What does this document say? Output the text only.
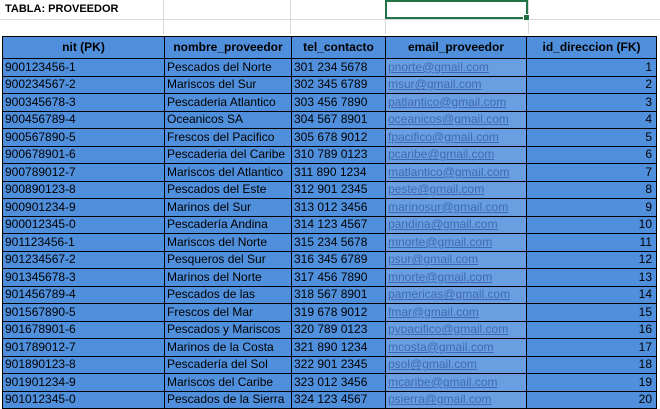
TABLA: PROVEEDOR
nit (PK)	nombre_proveedor	tel_contacto	email_proveedor	id_direccion (FK)
900123456-1	Pescados del Norte	301 234 5678	pnorte@gmail.com	1
900234567-2	Mariscos del Sur	302 345 6789	msur@gmail.com	2
900345678-3	Pescaderia Atlantico	303 456 7890	patlantico@gmail.com	3
900456789-4	Oceanicos SA	304 567 8901	oceanicos@gmail.com	4
900567890-5	Frescos del Pacifico	305 678 9012	fpacifico@gmail.com	5
900678901-6	Pescaderia del Caribe	310 789 0123	pcaribe@gmail.com	6
900789012-7	Mariscos del Atlantico	311 890 1234	matlantico@gmail.com	7
900890123-8	Pescados del Este	312 901 2345	peste@gmail.com	8
900901234-9	Marinos del Sur	313 012 3456	marinosur@gmail.com	9
900012345-0	Pescadería Andina	314 123 4567	pandina@gmail.com	10
901123456-1	Mariscos del Norte	315 234 5678	mnorte@gmail.com	11
901234567-2	Pesqueros del Sur	316 345 6789	psur@gmail.com	12
901345678-3	Marinos del Norte	317 456 7890	mnorte@gmail.com	13
901456789-4	Pescados de las	318 567 8901	pamericas@gmail.com	14
901567890-5	Frescos del Mar	319 678 9012	fmar@gmail.com	15
901678901-6	Pescados y Mariscos	320 789 0123	pypacifico@gmail.com	16
901789012-7	Marinos de la Costa	321 890 1234	mcosta@gmail.com	17
901890123-8	Pescadería del Sol	322 901 2345	psol@gmail.com	18
901901234-9	Mariscos del Caribe	323 012 3456	mcaribe@gmail.com	19
901012345-0	Pescados de la Sierra	324 123 4567	psierra@gmail.com	20
